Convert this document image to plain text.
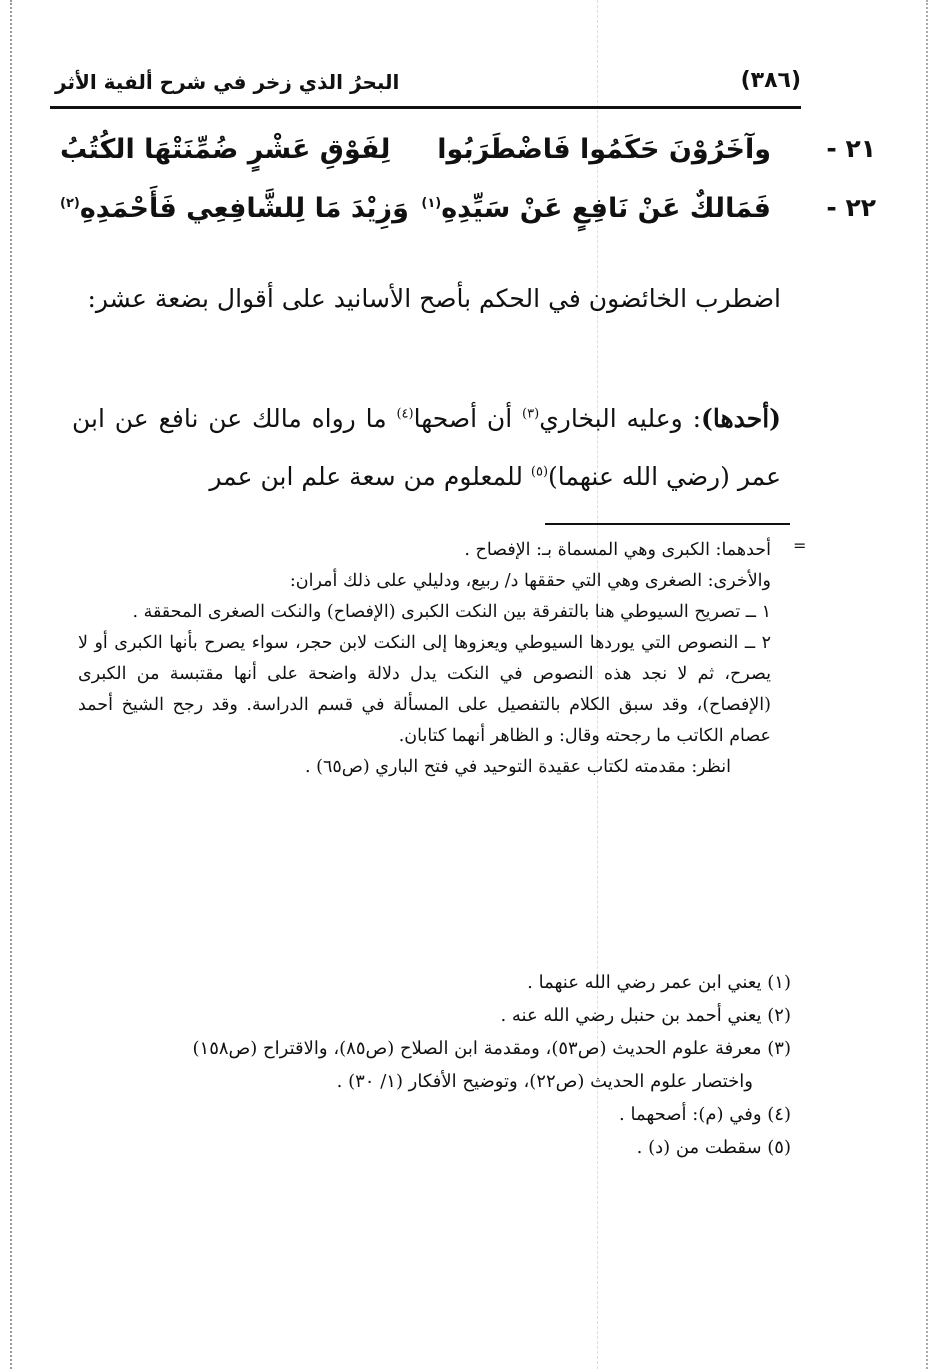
(٣٨٦)
البحرُ الذي زخر في شرح ألفية الأثر
٢١ -
وآخَرُوْنَ حَكَمُوا فَاضْطَرَبُوا
لِفَوْقِ عَشْرٍ ضُمِّنَتْهَا الكُتُبُ
٢٢ -
فَمَالكٌ عَنْ نَافِعٍ عَنْ سَيِّدِهِ$^{(١)}$
وَزِيْدَ مَا لِلشَّافِعِي فَأَحْمَدِهِ$^{(٢)}$
اضطرب الخائضون في الحكم بأصح الأسانيد على أقوال بضعة عشر:
(أحدها): وعليه البخاري$^{(٣)}$ أن أصحها$^{(٤)}$ ما رواه مالك عن نافع عن ابن عمر (رضي الله عنهما)$^{(٥)}$ للمعلوم من سعة علم ابن عمر
=

أحدهما: الكبرى وهي المسماة بـ: الإفصاح .

والأخرى: الصغرى وهي التي حققها د/ ربيع، ودليلي على ذلك أمران:

١ ــ تصريح السيوطي هنا بالتفرقة بين النكت الكبرى (الإفصاح) والنكت الصغرى المحققة .

٢ ــ النصوص التي يوردها السيوطي ويعزوها إلى النكت لابن حجر، سواء يصرح بأنها الكبرى أو لا يصرح، ثم لا نجد هذه النصوص في النكت يدل دلالة واضحة على أنها مقتبسة من الكبرى (الإفصاح)، وقد سبق الكلام بالتفصيل على المسألة في قسم الدراسة. وقد رجح الشيخ أحمد عصام الكاتب ما رجحته وقال: و الظاهر أنهما كتابان.

انظر: مقدمته لكتاب عقيدة التوحيد في فتح الباري (ص٦٥) .

(١) يعني ابن عمر رضي الله عنهما .

(٢) يعني أحمد بن حنبل رضي الله عنه .

(٣) معرفة علوم الحديث (ص٥٣)، ومقدمة ابن الصلاح (ص٨٥)، والاقتراح (ص١٥٨)

واختصار علوم الحديث (ص٢٢)، وتوضيح الأفكار (١/ ٣٠) .

(٤) وفي (م): أصحهما .

(٥) سقطت من (د) .
